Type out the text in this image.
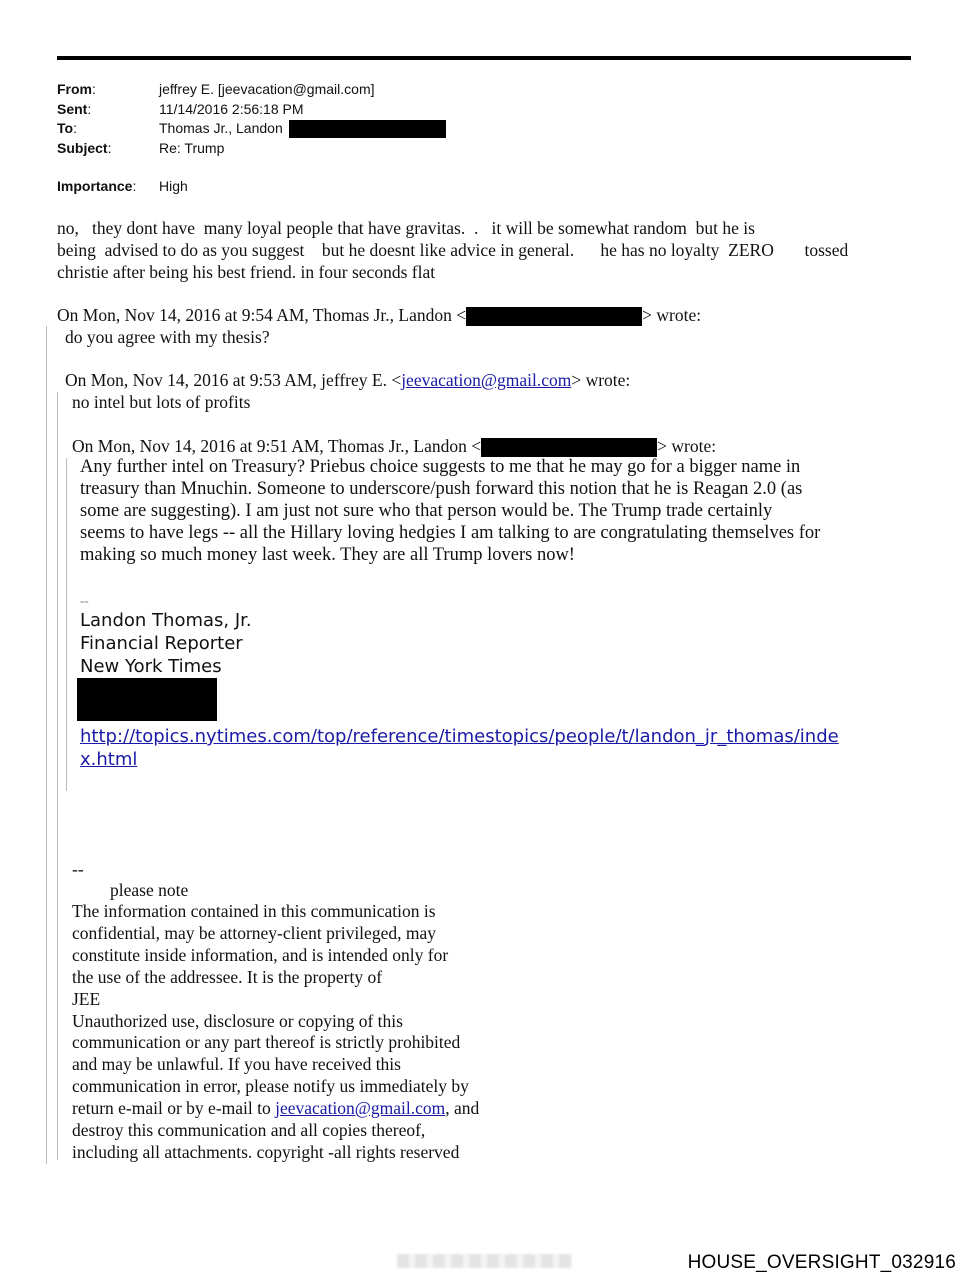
From:	jeffrey E. [jeevacation@gmail.com]
Sent:	11/14/2016 2:56:18 PM
To:	Thomas Jr., Landon
Subject:	Re: Trump
Importance: High
no,   they dont have  many loyal people that have gravitas.  .   it will be somewhat random  but he is
being  advised to do as you suggest    but he doesnt like advice in general.      he has no loyalty  ZERO       tossed
christie after being his best friend. in four seconds flat
On Mon, Nov 14, 2016 at 9:54 AM, Thomas Jr., Landon <	> wrote:
do you agree with my thesis?
On Mon, Nov 14, 2016 at 9:53 AM, jeffrey E. <jeevacation@gmail.com> wrote:
no intel but lots of profits
On Mon, Nov 14, 2016 at 9:51 AM, Thomas Jr., Landon <	> wrote:
Any further intel on Treasury? Priebus choice suggests to me that he may go for a bigger name in
treasury than Mnuchin. Someone to underscore/push forward this notion that he is Reagan 2.0 (as
some are suggesting). I am just not sure who that person would be. The Trump trade certainly
seems to have legs -- all the Hillary loving hedgies I am talking to are congratulating themselves for
making so much money last week. They are all Trump lovers now!
--
Landon Thomas, Jr.
Financial Reporter
New York Times
http://topics.nytimes.com/top/reference/timestopics/people/t/landon_jr_thomas/inde
x.html
--
please note
The information contained in this communication is
confidential, may be attorney-client privileged, may
constitute inside information, and is intended only for
the use of the addressee. It is the property of
JEE
Unauthorized use, disclosure or copying of this
communication or any part thereof is strictly prohibited
and may be unlawful. If you have received this
communication in error, please notify us immediately by
return e-mail or by e-mail to jeevacation@gmail.com, and
destroy this communication and all copies thereof,
including all attachments. copyright -all rights reserved
HOUSE_OVERSIGHT_032916
